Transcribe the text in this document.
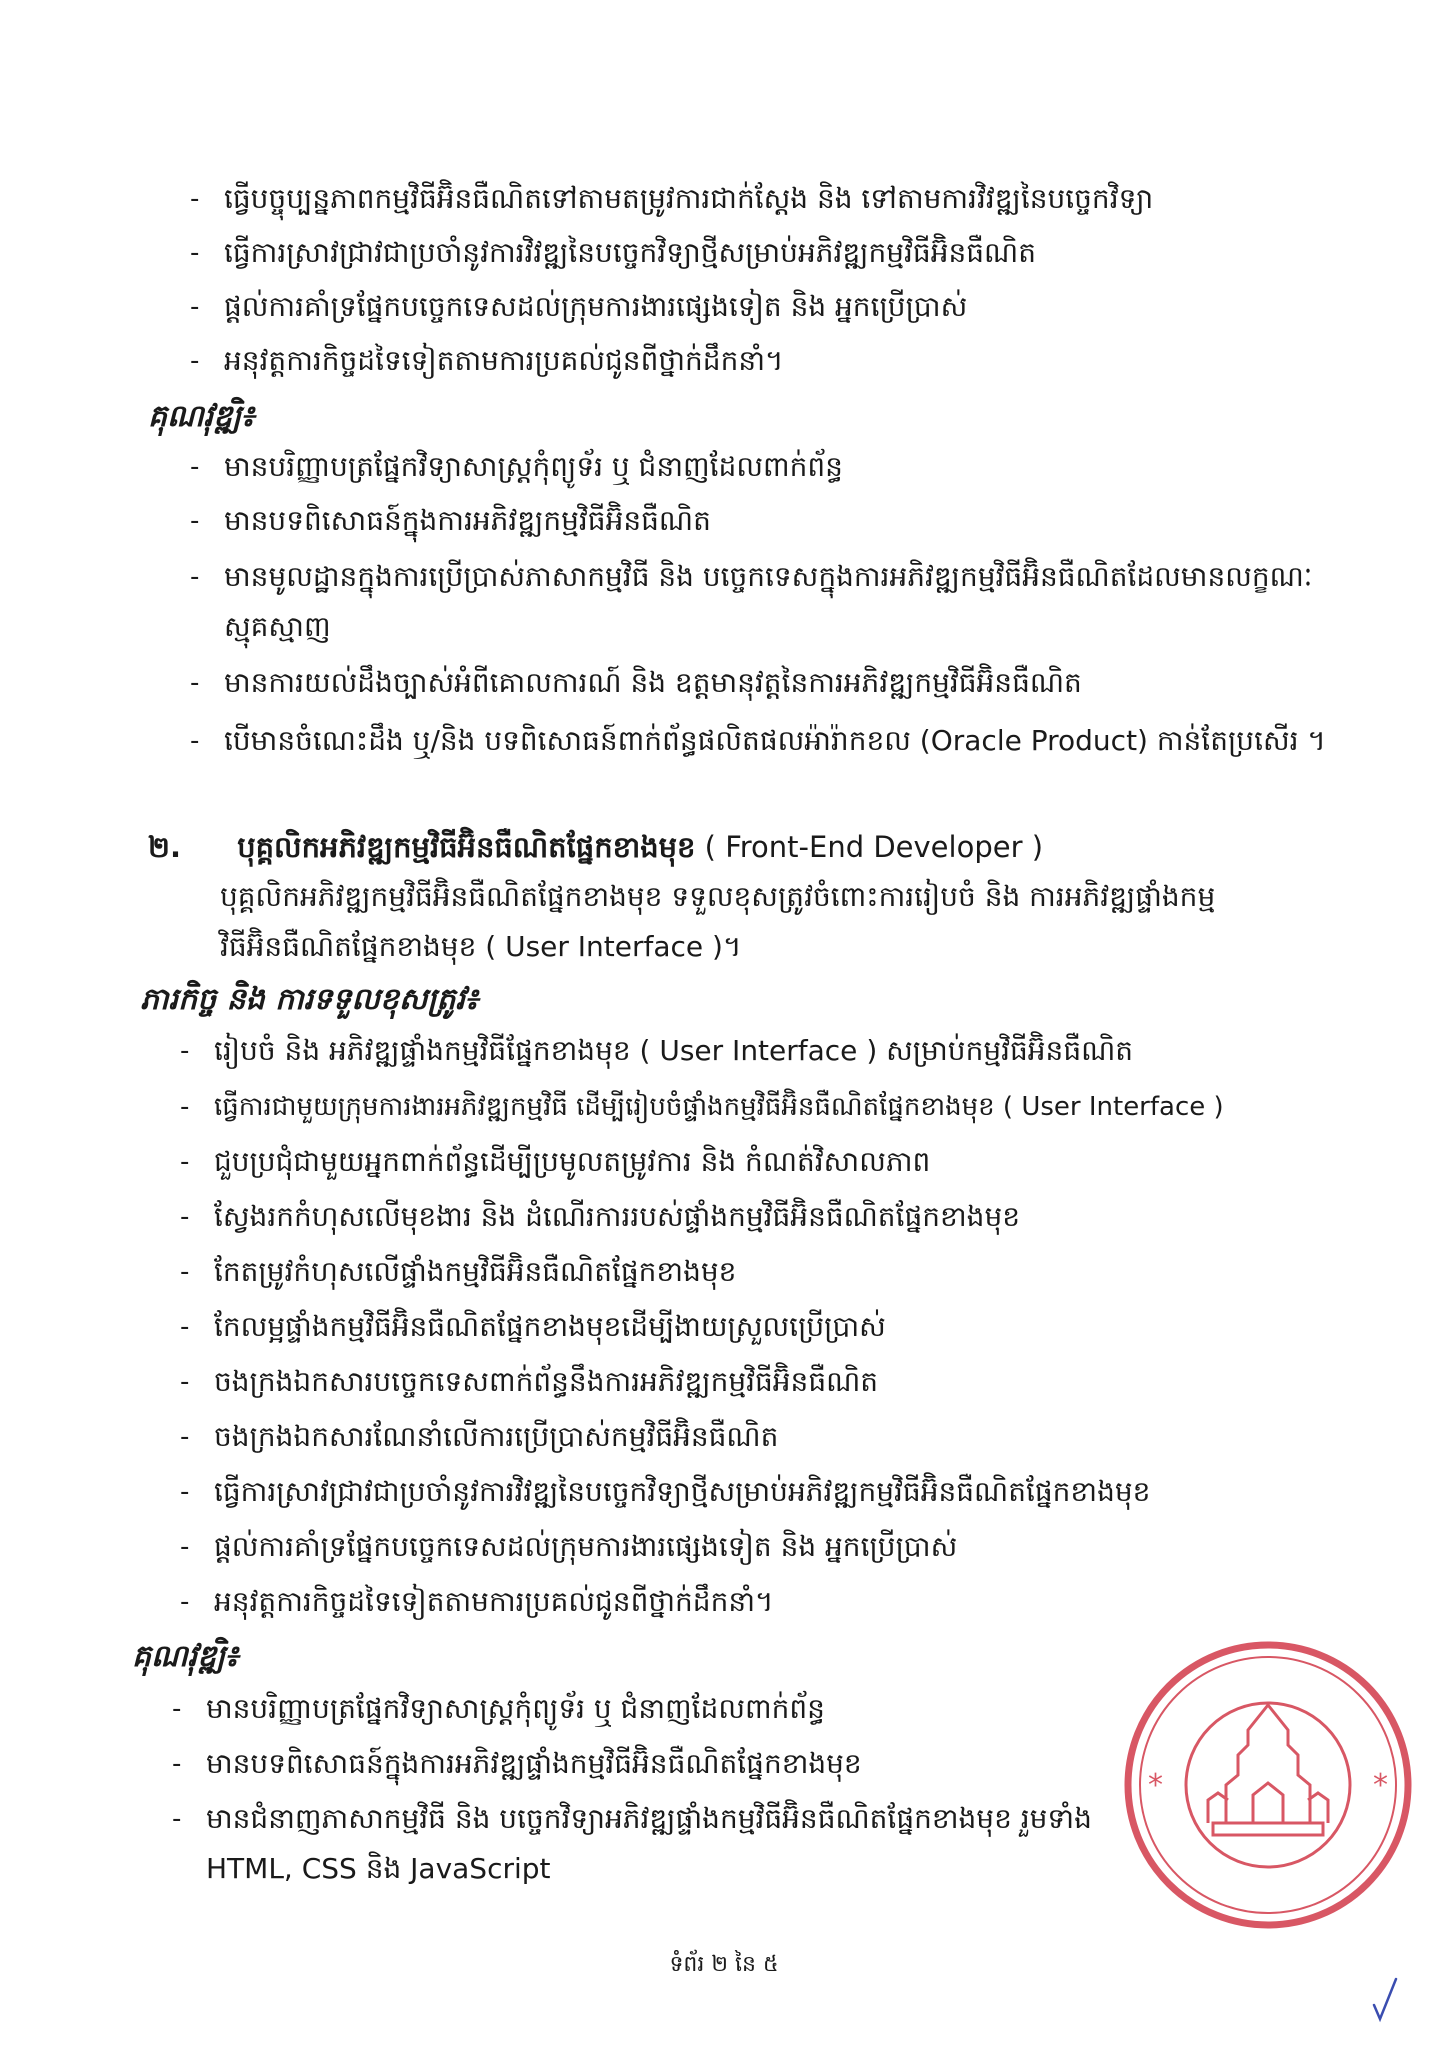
- ធ្វើបច្ចុប្បន្នភាពកម្មវិធីអ៊ិនធឺណិតទៅតាមតម្រូវការជាក់ស្តែង និង ទៅតាមការវិវឌ្ឍនៃបច្ចេកវិទ្យា
- ធ្វើការស្រាវជ្រាវជាប្រចាំនូវការវិវឌ្ឍនៃបច្ចេកវិទ្យាថ្មីសម្រាប់អភិវឌ្ឍកម្មវិធីអ៊ិនធឺណិត
- ផ្តល់ការគាំទ្រផ្នែកបច្ចេកទេសដល់ក្រុមការងារផ្សេងទៀត និង អ្នកប្រើប្រាស់
- អនុវត្តការកិច្ចដទៃទៀតតាមការប្រគល់ជូនពីថ្នាក់ដឹកនាំ។
គុណវុឌ្ឍិ៖
- មានបរិញ្ញាបត្រផ្នែកវិទ្យាសាស្ត្រកុំព្យូទ័រ ឬ ជំនាញដែលពាក់ព័ន្ធ
- មានបទពិសោធន៍ក្នុងការអភិវឌ្ឍកម្មវិធីអ៊ិនធឺណិត
- មានមូលដ្ឋានក្នុងការប្រើប្រាស់ភាសាកម្មវិធី និង បច្ចេកទេសក្នុងការអភិវឌ្ឍកម្មវិធីអ៊ិនធឺណិតដែលមានលក្ខណៈស្មុគស្មាញ
- មានការយល់ដឹងច្បាស់អំពីគោលការណ៍ និង ឧត្តមានុវត្តនៃការអភិវឌ្ឍកម្មវិធីអ៊ិនធឺណិត
- បើមានចំណេះដឹង ឬ/និង បទពិសោធន៍ពាក់ព័ន្ធផលិតផលអ៉ារ៉ាកខល (Oracle Product) កាន់តែប្រសើរ ។
២. បុគ្គលិកអភិវឌ្ឍកម្មវិធីអ៊ិនធឺណិតផ្នែកខាងមុខ ( Front-End Developer )
បុគ្គលិកអភិវឌ្ឍកម្មវិធីអ៊ិនធឺណិតផ្នែកខាងមុខ ទទួលខុសត្រូវចំពោះការរៀបចំ និង ការអភិវឌ្ឍផ្ទាំងកម្មវិធីអ៊ិនធឺណិតផ្នែកខាងមុខ ( User Interface )។
ភារកិច្ច និង ការទទួលខុសត្រូវ៖
- រៀបចំ និង អភិវឌ្ឍផ្ទាំងកម្មវិធីផ្នែកខាងមុខ ( User Interface ) សម្រាប់កម្មវិធីអ៊ិនធឺណិត
- ធ្វើការជាមួយក្រុមការងារអភិវឌ្ឍកម្មវិធី ដើម្បីរៀបចំផ្ទាំងកម្មវិធីអ៊ិនធឺណិតផ្នែកខាងមុខ ( User Interface )
- ជួបប្រជុំជាមួយអ្នកពាក់ព័ន្ធដើម្បីប្រមូលតម្រូវការ និង កំណត់វិសាលភាព
- ស្វែងរកកំហុសលើមុខងារ និង ដំណើរការរបស់ផ្ទាំងកម្មវិធីអ៊ិនធឺណិតផ្នែកខាងមុខ
- កែតម្រូវកំហុសលើផ្ទាំងកម្មវិធីអ៊ិនធឺណិតផ្នែកខាងមុខ
- កែលម្អផ្ទាំងកម្មវិធីអ៊ិនធឺណិតផ្នែកខាងមុខដើម្បីងាយស្រួលប្រើប្រាស់
- ចងក្រងឯកសារបច្ចេកទេសពាក់ព័ន្ធនឹងការអភិវឌ្ឍកម្មវិធីអ៊ិនធឺណិត
- ចងក្រងឯកសារណែនាំលើការប្រើប្រាស់កម្មវិធីអ៊ិនធឺណិត
- ធ្វើការស្រាវជ្រាវជាប្រចាំនូវការវិវឌ្ឍនៃបច្ចេកវិទ្យាថ្មីសម្រាប់អភិវឌ្ឍកម្មវិធីអ៊ិនធឺណិតផ្នែកខាងមុខ
- ផ្តល់ការគាំទ្រផ្នែកបច្ចេកទេសដល់ក្រុមការងារផ្សេងទៀត និង អ្នកប្រើប្រាស់
- អនុវត្តការកិច្ចដទៃទៀតតាមការប្រគល់ជូនពីថ្នាក់ដឹកនាំ។
គុណវុឌ្ឍិ៖
- មានបរិញ្ញាបត្រផ្នែកវិទ្យាសាស្ត្រកុំព្យូទ័រ ឬ ជំនាញដែលពាក់ព័ន្ធ
- មានបទពិសោធន៍ក្នុងការអភិវឌ្ឍផ្ទាំងកម្មវិធីអ៊ិនធឺណិតផ្នែកខាងមុខ
- មានជំនាញភាសាកម្មវិធី និង បច្ចេកវិទ្យាអភិវឌ្ឍផ្ទាំងកម្មវិធីអ៊ិនធឺណិតផ្នែកខាងមុខ រួមទាំង HTML, CSS និង JavaScript
*	*
ទំព័រ ២ នៃ ៥
